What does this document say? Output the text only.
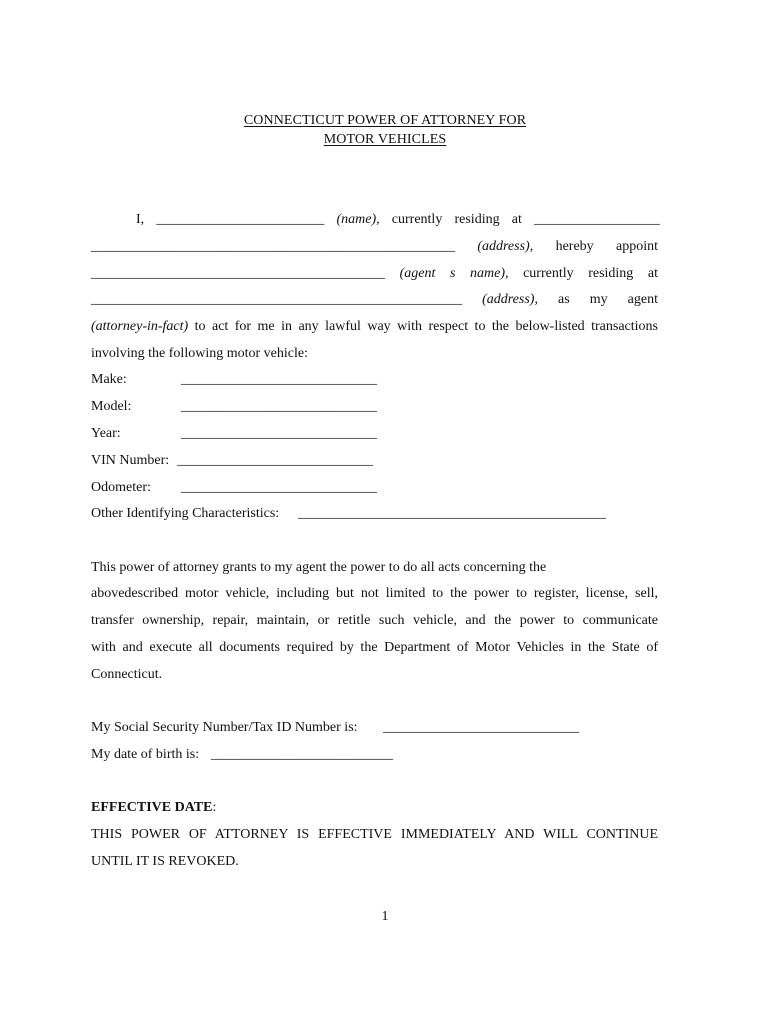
CONNECTICUT POWER OF ATTORNEY FOR
MOTOR VEHICLES
I, ________________________ (name), currently residing at __________________
____________________________________________________ (address), hereby appoint
__________________________________________ (agent s name), currently residing at
_____________________________________________________ (address), as my agent
(attorney-in-fact) to act for me in any lawful way with respect to the below-listed transactions
involving the following motor vehicle:
Make:	____________________________
Model:	____________________________
Year:	____________________________
VIN Number: ____________________________
Odometer: ____________________________
Other Identifying Characteristics: ____________________________________________
This power of attorney grants to my agent the power to do all acts concerning the
abovedescribed motor vehicle, including but not limited to the power to register, license, sell,
transfer ownership, repair, maintain, or retitle such vehicle, and the power to communicate
with and execute all documents required by the Department of Motor Vehicles in the State of
Connecticut.
My Social Security Number/Tax ID Number is: ____________________________
My date of birth is: __________________________
EFFECTIVE DATE:
THIS POWER OF ATTORNEY IS EFFECTIVE IMMEDIATELY AND WILL CONTINUE
UNTIL IT IS REVOKED.
1
